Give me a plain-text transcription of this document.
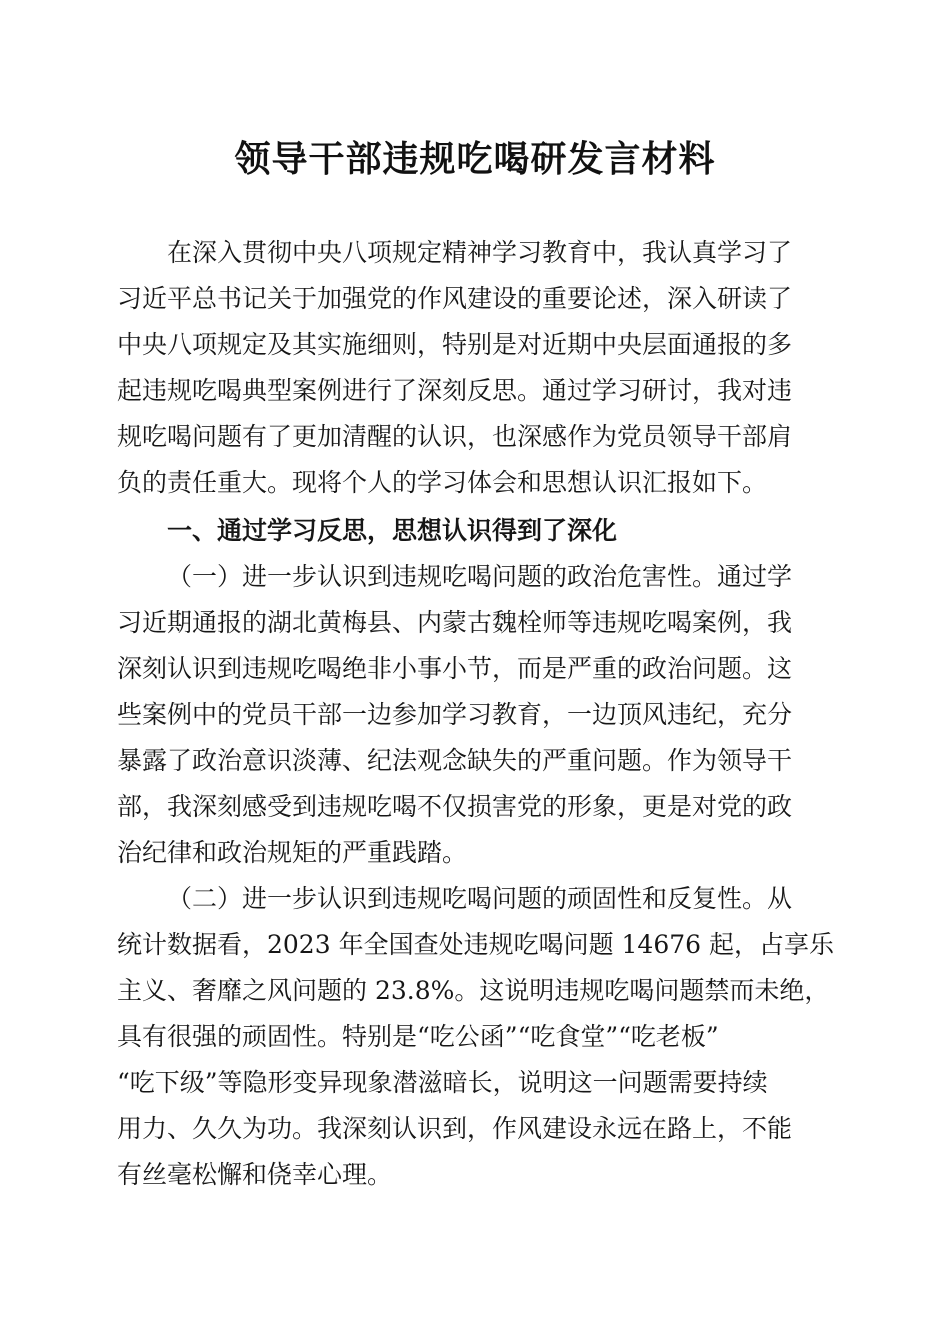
领导干部违规吃喝研发言材料
在深入贯彻中央八项规定精神学习教育中，我认真学习了
习近平总书记关于加强党的作风建设的重要论述，深入研读了
中央八项规定及其实施细则，特别是对近期中央层面通报的多
起违规吃喝典型案例进行了深刻反思。通过学习研讨，我对违
规吃喝问题有了更加清醒的认识，也深感作为党员领导干部肩
负的责任重大。现将个人的学习体会和思想认识汇报如下。
一、通过学习反思，思想认识得到了深化
（一）进一步认识到违规吃喝问题的政治危害性。通过学
习近期通报的湖北黄梅县、内蒙古魏栓师等违规吃喝案例，我
深刻认识到违规吃喝绝非小事小节，而是严重的政治问题。这
些案例中的党员干部一边参加学习教育，一边顶风违纪，充分
暴露了政治意识淡薄、纪法观念缺失的严重问题。作为领导干
部，我深刻感受到违规吃喝不仅损害党的形象，更是对党的政
治纪律和政治规矩的严重践踏。
（二）进一步认识到违规吃喝问题的顽固性和反复性。从
统计数据看，2023 年全国查处违规吃喝问题 14676 起，占享乐
主义、奢靡之风问题的 23.8%。这说明违规吃喝问题禁而未绝，
具有很强的顽固性。特别是“吃公函”“吃食堂”“吃老板”
“吃下级”等隐形变异现象潜滋暗长，说明这一问题需要持续
用力、久久为功。我深刻认识到，作风建设永远在路上，不能
有丝毫松懈和侥幸心理。
